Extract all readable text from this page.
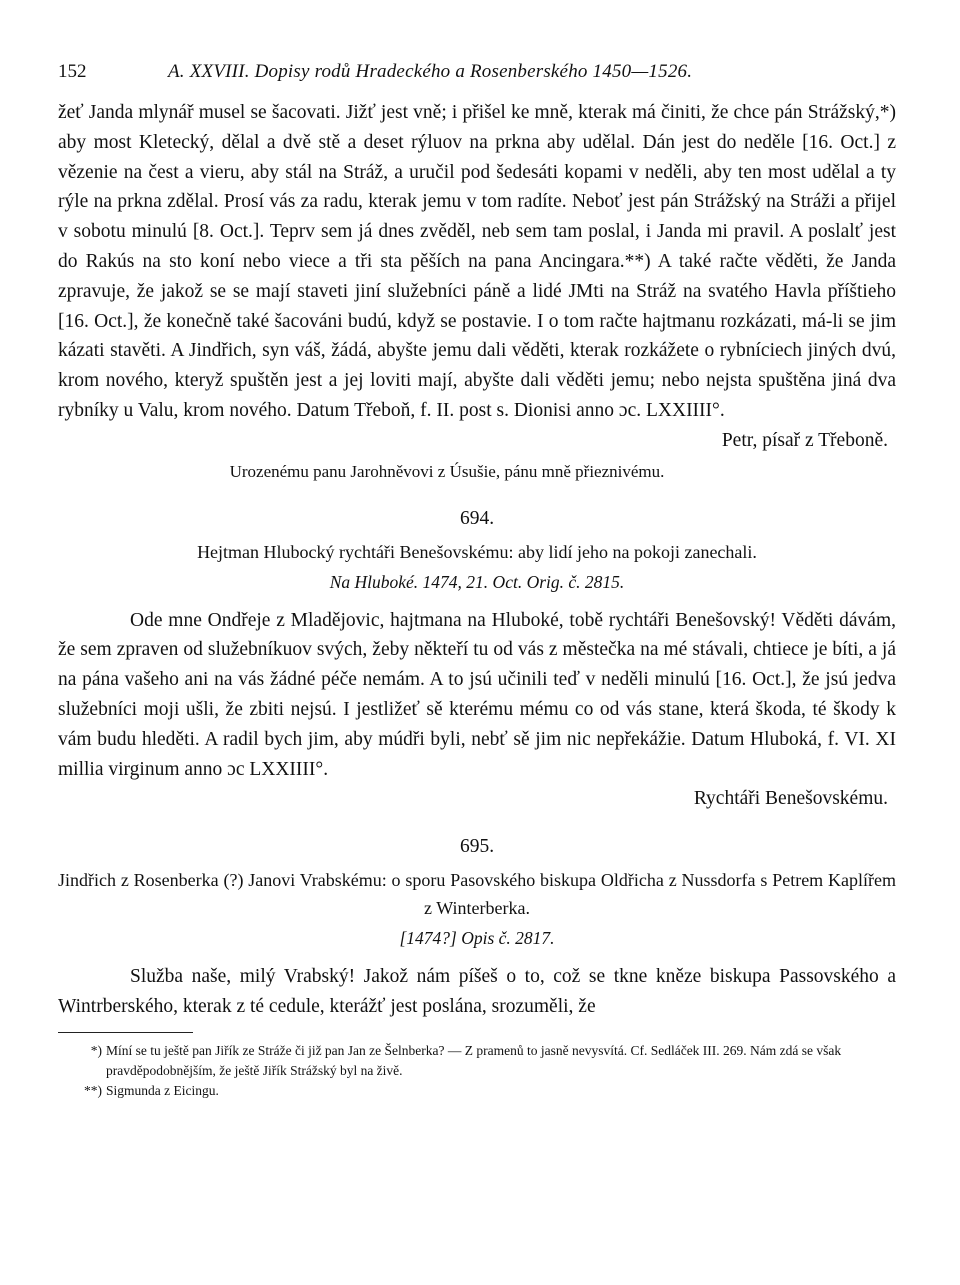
152	A. XXVIII. Dopisy rodů Hradeckého a Rosenberského 1450—1526.

žeť Janda mlynář musel se šacovati. Jižť jest vně; i přišel ke mně, kterak má činiti, že chce pán Strážský,*) aby most Kletecký, dělal a dvě stě a deset rýluov na prkna aby udělal. Dán jest do neděle [16. Oct.] z vězenie na čest a vieru, aby stál na Stráž, a uručil pod šedesáti kopami v neděli, aby ten most udělal a ty rýle na prkna zdělal. Prosí vás za radu, kterak jemu v tom radíte. Neboť jest pán Strážský na Stráži a přijel v sobotu minulú [8. Oct.]. Teprv sem já dnes zvěděl, neb sem tam poslal, i Janda mi pravil. A poslalť jest do Rakús na sto koní nebo viece a tři sta pěších na pana Ancingara.**) A také račte věděti, že Janda zpravuje, že jakož se se mají staveti jiní služebníci páně a lidé JMti na Stráž na svatého Havla příštieho [16. Oct.], že konečně také šacováni budú, když se postavie. I o tom račte hajtmanu rozkázati, má-li se jim kázati stavěti. A Jindřich, syn váš, žádá, abyšte jemu dali věděti, kterak rozkážete o rybníciech jiných dvú, krom nového, kteryž spuštěn jest a jej loviti mají, abyšte dali věděti jemu; nebo nejsta spuštěna jiná dva rybníky u Valu, krom nového. Datum Třeboň, f. II. post s. Dionisi anno ɔc. LXXIIII°.

Petr, písař z Třeboně.

Urozenému panu Jarohněvovi z Úsušie, pánu mně přieznivému.

694.

Hejtman Hlubocký rychtáři Benešovskému: aby lidí jeho na pokoji zanechali.

Na Hluboké. 1474, 21. Oct. Orig. č. 2815.

Ode mne Ondřeje z Mladějovic, hajtmana na Hluboké, tobě rychtáři Benešovský! Věděti dávám, že sem zpraven od služebníkuov svých, žeby někteří tu od vás z městečka na mé stávali, chtiece je bíti, a já na pána vašeho ani na vás žádné péče nemám. A to jsú učinili teď v neděli minulú [16. Oct.], že jsú jedva služebníci moji ušli, že zbiti nejsú. I jestližeť sě kterému mému co od vás stane, která škoda, té škody k vám budu hleděti. A radil bych jim, aby múdři byli, nebť sě jim nic nepřekážie. Datum Hluboká, f. VI. XI millia virginum anno ɔc LXXIIII°.

Rychtáři Benešovskému.

695.

Jindřich z Rosenberka (?) Janovi Vrabskému: o sporu Pasovského biskupa Oldřicha z Nussdorfa s Petrem Kaplířem z Winterberka.

[1474?] Opis č. 2817.

Služba naše, milý Vrabský! Jakož nám píšeš o to, což se tkne kněze biskupa Passovského a Wintrberského, kterak z té cedule, kterážť jest poslána, srozuměli, že

*) Míní se tu ještě pan Jiřík ze Stráže či již pan Jan ze Šelnberka? — Z pramenů to jasně nevysvítá. Cf. Sedláček III. 269. Nám zdá se však pravděpodobnějším, že ještě Jiřík Strážský byl na živě.

**) Sigmunda z Eicingu.
